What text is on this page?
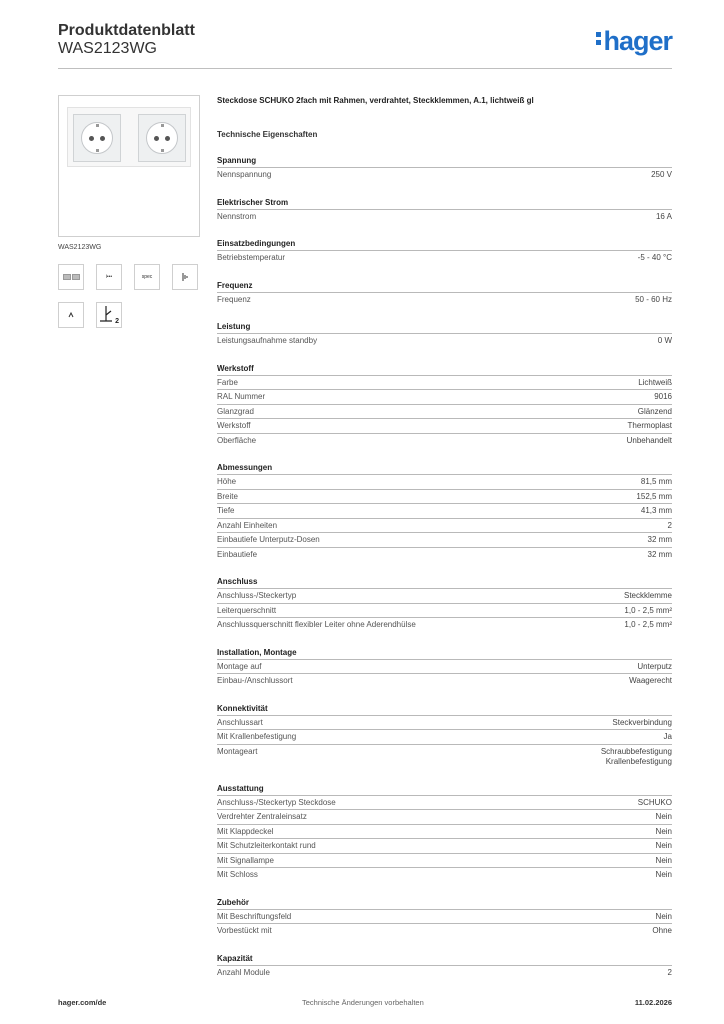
Produktdatenblatt
WAS2123WG	hager
WAS2123WG
i•••	spec
2
Steckdose SCHUKO 2fach mit Rahmen, verdrahtet, Steckklemmen, A.1, lichtweiß gl
Technische Eigenschaften
Spannung
Nennspannung	250 V
Elektrischer Strom
Nennstrom	16 A
Einsatzbedingungen
Betriebstemperatur	-5 - 40 °C
Frequenz
Frequenz	50 - 60 Hz
Leistung
Leistungsaufnahme standby	0 W
Werkstoff
Farbe	Lichtweiß
RAL Nummer	9016
Glanzgrad	Glänzend
Werkstoff	Thermoplast
Oberfläche	Unbehandelt
Abmessungen
Höhe	81,5 mm
Breite	152,5 mm
Tiefe	41,3 mm
Anzahl Einheiten	2
Einbautiefe Unterputz-Dosen	32 mm
Einbautiefe	32 mm
Anschluss
Anschluss-/Steckertyp	Steckklemme
Leiterquerschnitt	1,0 - 2,5 mm²
Anschlussquerschnitt flexibler Leiter ohne Aderendhülse	1,0 - 2,5 mm²
Installation, Montage
Montage auf	Unterputz
Einbau-/Anschlussort	Waagerecht
Konnektivität
Anschlussart	Steckverbindung
Mit Krallenbefestigung	Ja
Montageart	Schraubbefestigung
Krallenbefestigung
Ausstattung
Anschluss-/Steckertyp Steckdose	SCHUKO
Verdrehter Zentraleinsatz	Nein
Mit Klappdeckel	Nein
Mit Schutzleiterkontakt rund	Nein
Mit Signallampe	Nein
Mit Schloss	Nein
Zubehör
Mit Beschriftungsfeld	Nein
Vorbestückt mit	Ohne
Kapazität
Anzahl Module	2
hager.com/de	Technische Änderungen vorbehalten	11.02.2026
